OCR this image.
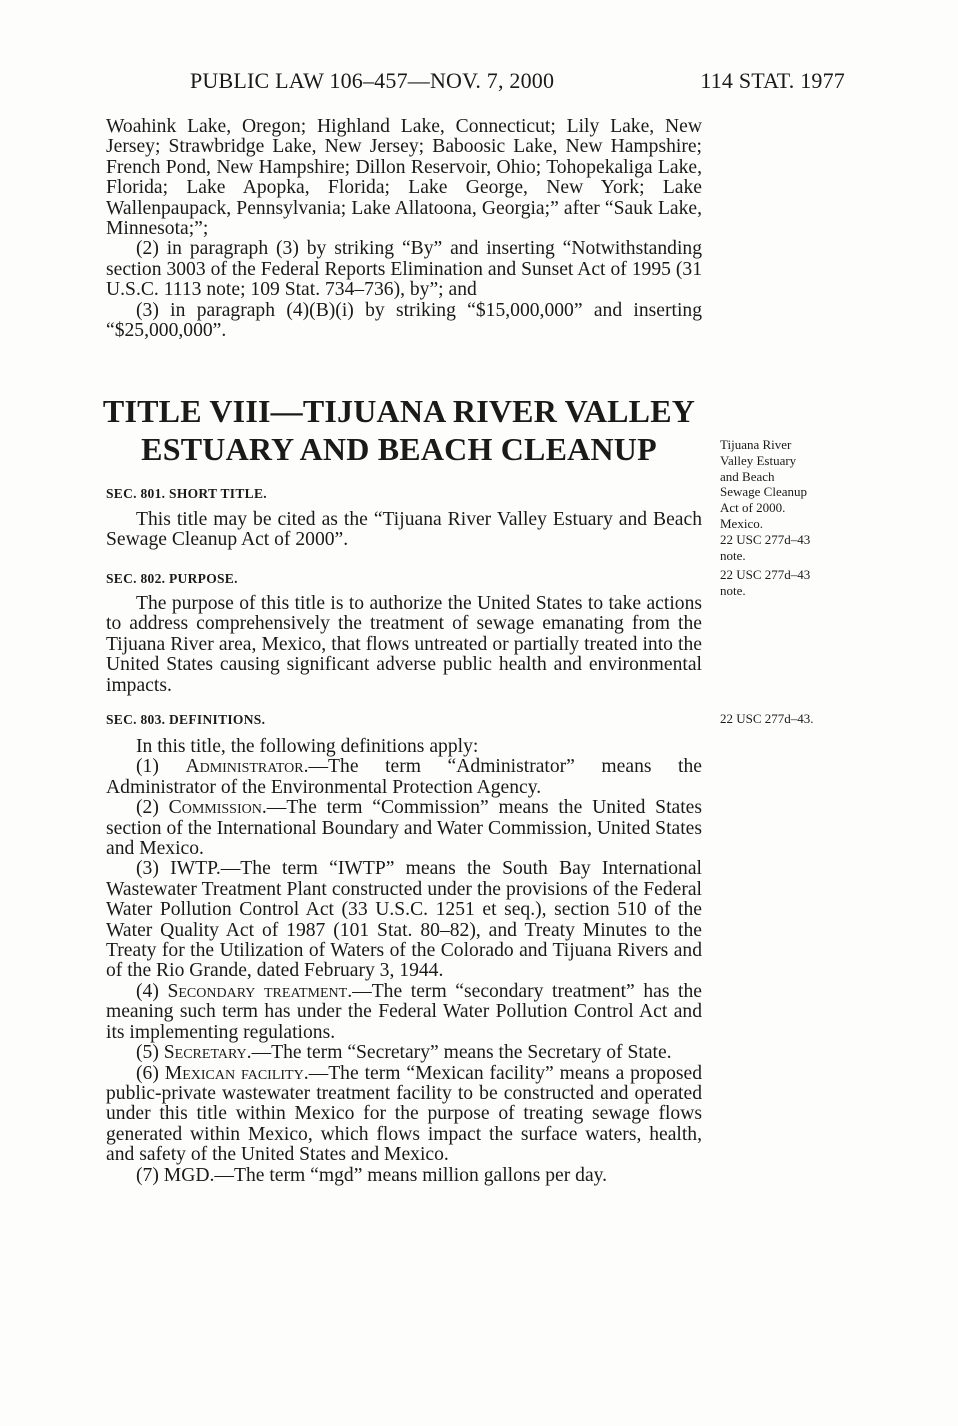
PUBLIC LAW 106–457—NOV. 7, 2000	114 STAT. 1977

Woahink Lake, Oregon; Highland Lake, Connecticut; Lily Lake, New Jersey; Strawbridge Lake, New Jersey; Baboosic Lake, New Hampshire; French Pond, New Hampshire; Dillon Reservoir, Ohio; Tohopekaliga Lake, Florida; Lake Apopka, Florida; Lake George, New York; Lake Wallenpaupack, Pennsylvania; Lake Allatoona, Georgia;” after “Sauk Lake, Minnesota;”;

(2) in paragraph (3) by striking “By” and inserting “Notwithstanding section 3003 of the Federal Reports Elimination and Sunset Act of 1995 (31 U.S.C. 1113 note; 109 Stat. 734–736), by”; and

(3) in paragraph (4)(B)(i) by striking “$15,000,000” and inserting “$25,000,000”.

TITLE VIII—TIJUANA RIVER VALLEY
ESTUARY AND BEACH CLEANUP
SEC. 801. SHORT TITLE.

This title may be cited as the “Tijuana River Valley Estuary and Beach Sewage Cleanup Act of 2000”.

SEC. 802. PURPOSE.

The purpose of this title is to authorize the United States to take actions to address comprehensively the treatment of sewage emanating from the Tijuana River area, Mexico, that flows untreated or partially treated into the United States causing significant adverse public health and environmental impacts.

SEC. 803. DEFINITIONS.

In this title, the following definitions apply:

(1) Administrator.—The term “Administrator” means the Administrator of the Environmental Protection Agency.

(2) Commission.—The term “Commission” means the United States section of the International Boundary and Water Commission, United States and Mexico.

(3) IWTP.—The term “IWTP” means the South Bay International Wastewater Treatment Plant constructed under the provisions of the Federal Water Pollution Control Act (33 U.S.C. 1251 et seq.), section 510 of the Water Quality Act of 1987 (101 Stat. 80–82), and Treaty Minutes to the Treaty for the Utilization of Waters of the Colorado and Tijuana Rivers and of the Rio Grande, dated February 3, 1944.

(4) Secondary treatment.—The term “secondary treatment” has the meaning such term has under the Federal Water Pollution Control Act and its implementing regulations.

(5) Secretary.—The term “Secretary” means the Secretary of State.

(6) Mexican facility.—The term “Mexican facility” means a proposed public-private wastewater treatment facility to be constructed and operated under this title within Mexico for the purpose of treating sewage flows generated within Mexico, which flows impact the surface waters, health, and safety of the United States and Mexico.

(7) MGD.—The term “mgd” means million gallons per day.

Tijuana River
Valley Estuary
and Beach
Sewage Cleanup
Act of 2000.
Mexico.
22 USC 277d–43
note.
22 USC 277d–43
note.
22 USC 277d–43.
